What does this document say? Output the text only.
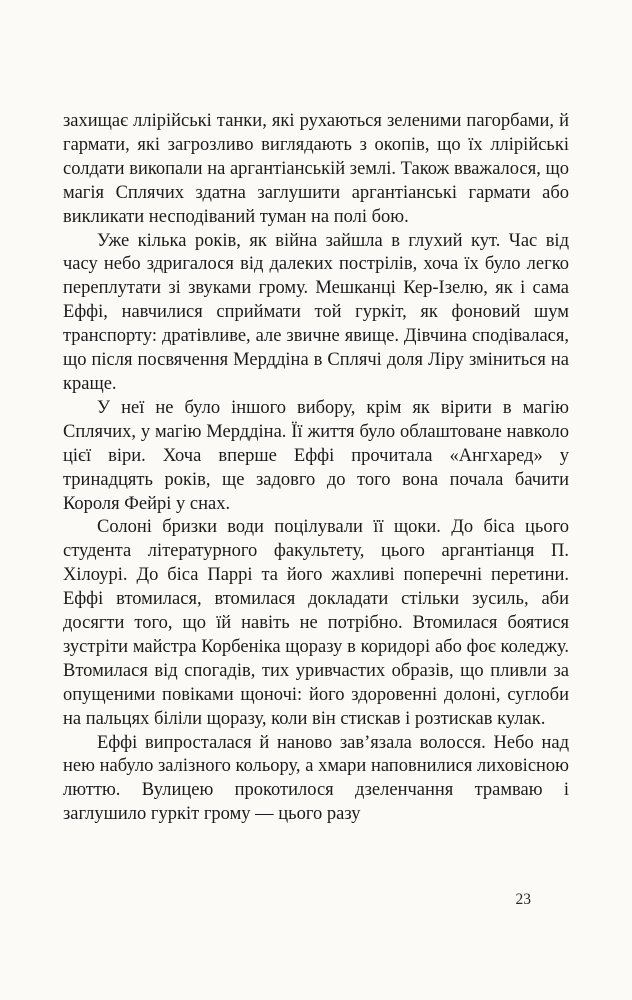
захищає ллірійські танки, які рухаються зеленими пагорбами, й гармати, які загрозливо виглядають з окопів, що їх ллірійські солдати викопали на аргантіанській землі. Також вважалося, що магія Сплячих здатна заглушити аргантіанські гармати або викликати несподіваний туман на полі бою.

Уже кілька років, як війна зайшла в глухий кут. Час від часу небо здригалося від далеких пострілів, хоча їх було легко переплутати зі звуками грому. Мешканці Кер-Ізелю, як і сама Еффі, навчилися сприймати той гуркіт, як фоновий шум транспорту: дратівливе, але звичне явище. Дівчина сподівалася, що після посвячення Мерддіна в Сплячі доля Ліру зміниться на краще.

У неї не було іншого вибору, крім як вірити в магію Сплячих, у магію Мерддіна. Її життя було облаштоване навколо цієї віри. Хоча вперше Еффі прочитала «Ангхаред» у тринадцять років, ще задовго до того вона почала бачити Короля Фейрі у снах.

Солоні бризки води поцілували її щоки. До біса цього студента літературного факультету, цього аргантіанця П. Хілоурі. До біса Паррі та його жахливі поперечні перетини. Еффі втомилася, втомилася докладати стільки зусиль, аби досягти того, що їй навіть не потрібно. Втомилася боятися зустріти майстра Корбеніка щоразу в коридорі або фоє коледжу. Втомилася від спогадів, тих уривчастих образів, що пливли за опущеними повіками щоночі: його здоровенні долоні, суглоби на пальцях біліли щоразу, коли він стискав і розтискав кулак.

Еффі випросталася й наново зав’язала волосся. Небо над нею набуло залізного кольору, а хмари наповнилися лиховісною люттю. Вулицею прокотилося дзеленчання трамваю і заглушило гуркіт грому — цього разу

23
